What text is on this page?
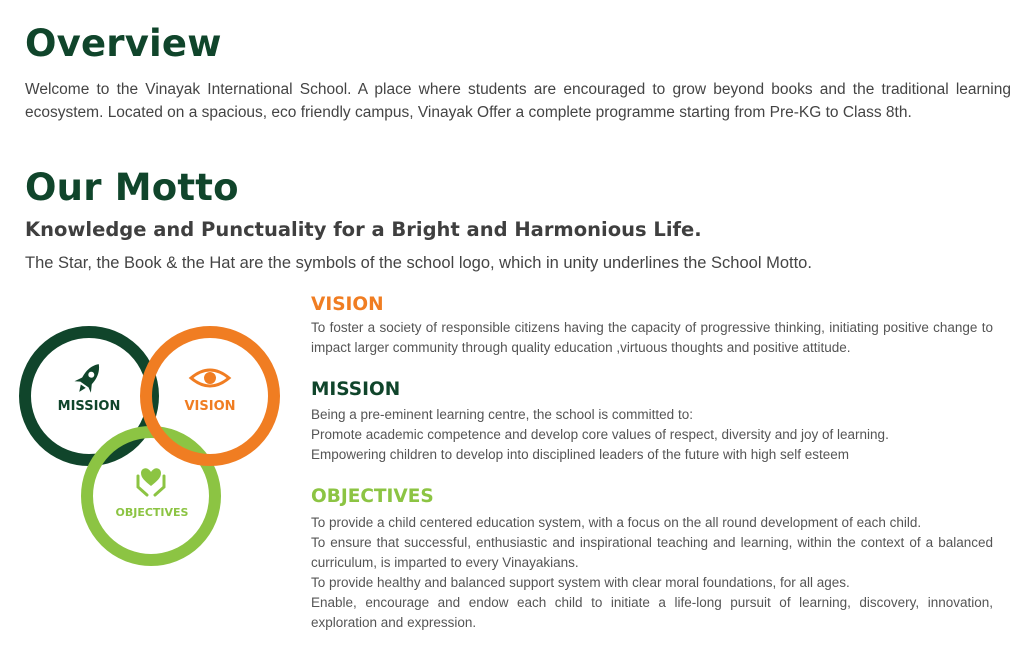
Overview

Welcome to the Vinayak International School. A place where students are encouraged to grow beyond books and the traditional learning ecosystem. Located on a spacious, eco friendly campus, Vinayak Offer a complete programme starting from Pre-KG to Class 8th.

Our Motto
Knowledge and Punctuality for a Bright and Harmonious Life.

The Star, the Book & the Hat are the symbols of the school logo, which in unity underlines the School Motto.

MISSION	VISION
OBJECTIVES
VISION
To foster a society of responsible citizens having the capacity of progressive thinking, initiating positive change to impact larger community through quality education ,virtuous thoughts and positive attitude.
MISSION
Being a pre-eminent learning centre, the school is committed to:
Promote academic competence and develop core values of respect, diversity and joy of learning.
Empowering children to develop into disciplined leaders of the future with high self esteem
OBJECTIVES
To provide a child centered education system, with a focus on the all round development of each child.
To ensure that successful, enthusiastic and inspirational teaching and learning, within the context of a balanced curriculum, is imparted to every Vinayakians.
To provide healthy and balanced support system with clear moral foundations, for all ages.
Enable, encourage and endow each child to initiate a life-long pursuit of learning, discovery, innovation, exploration and expression.
